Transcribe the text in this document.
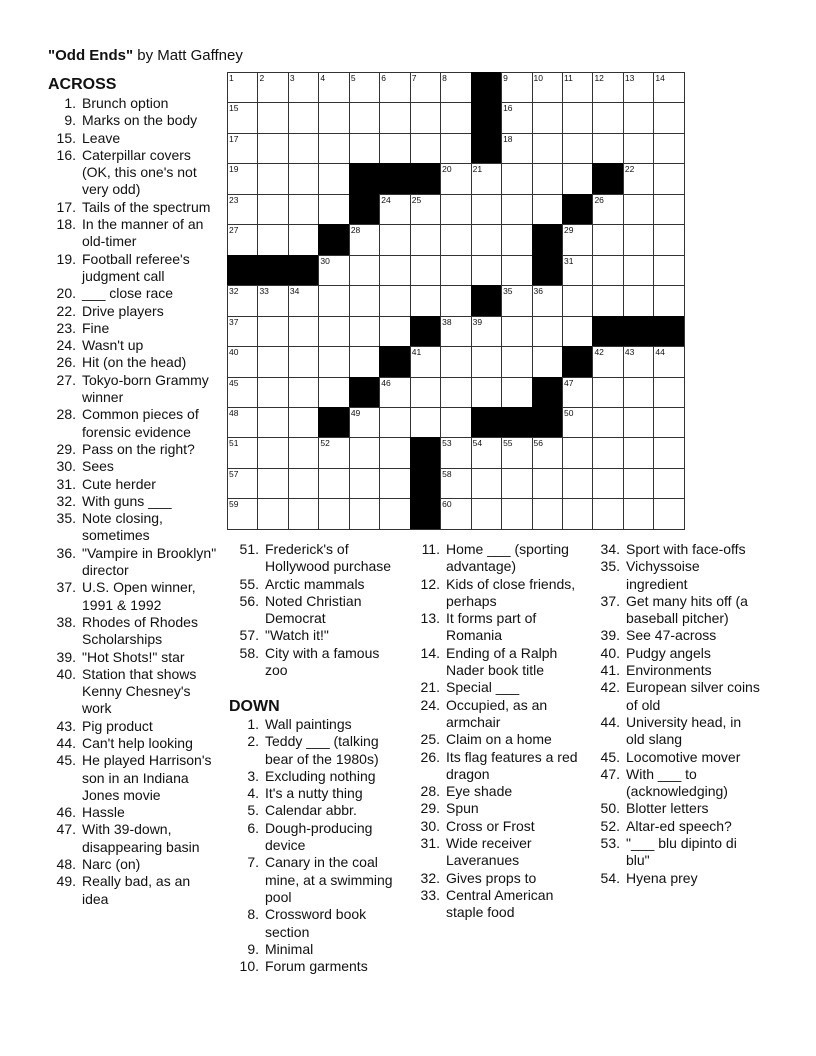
"Odd Ends" by Matt Gaffney
1	2	3	4	5	6	7	8	9	10 11	12 13 14
15	16
17	18
19	20 21	22
23	24 25	26
27	28	29
30	31
32 33 34	35 36
37	38 39
40	41	42 43 44
45	46	47
48	49	50
51	52	53 54 55 56
57	58
59	60
ACROSS
1. Brunch option
9. Marks on the body
15. Leave
16. Caterpillar covers (OK, this one's not very odd)
17. Tails of the spectrum
18. In the manner of an old-timer
19. Football referee's judgment call
20. ___ close race
22. Drive players
23. Fine
24. Wasn't up
26. Hit (on the head)
27. Tokyo-born Grammy winner
28. Common pieces of forensic evidence
29. Pass on the right?
30. Sees
31. Cute herder
32. With guns ___
35. Note closing, sometimes
36. "Vampire in Brooklyn" director
37. U.S. Open winner, 1991 & 1992
38. Rhodes of Rhodes Scholarships
39. "Hot Shots!" star
40. Station that shows Kenny Chesney's work
43. Pig product
44. Can't help looking
45. He played Harrison's son in an Indiana Jones movie
46. Hassle
47. With 39-down, disappearing basin
48. Narc (on)
49. Really bad, as an idea
51. Frederick's of Hollywood purchase
55. Arctic mammals
56. Noted Christian Democrat
57. "Watch it!"
58. City with a famous zoo
DOWN
1. Wall paintings
2. Teddy ___ (talking bear of the 1980s)
3. Excluding nothing
4. It's a nutty thing
5. Calendar abbr.
6. Dough-producing device
7. Canary in the coal mine, at a swimming pool
8. Crossword book section
9. Minimal
10. Forum garments
11. Home ___ (sporting advantage)
12. Kids of close friends, perhaps
13. It forms part of Romania
14. Ending of a Ralph Nader book title
21. Special ___
24. Occupied, as an armchair
25. Claim on a home
26. Its flag features a red dragon
28. Eye shade
29. Spun
30. Cross or Frost
31. Wide receiver Laveranues
32. Gives props to
33. Central American staple food
34. Sport with face-offs
35. Vichyssoise ingredient
37. Get many hits off (a baseball pitcher)
39. See 47-across
40. Pudgy angels
41. Environments
42. European silver coins of old
44. University head, in old slang
45. Locomotive mover
47. With ___ to (acknowledging)
50. Blotter letters
52. Altar-ed speech?
53. "___ blu dipinto di blu"
54. Hyena prey
